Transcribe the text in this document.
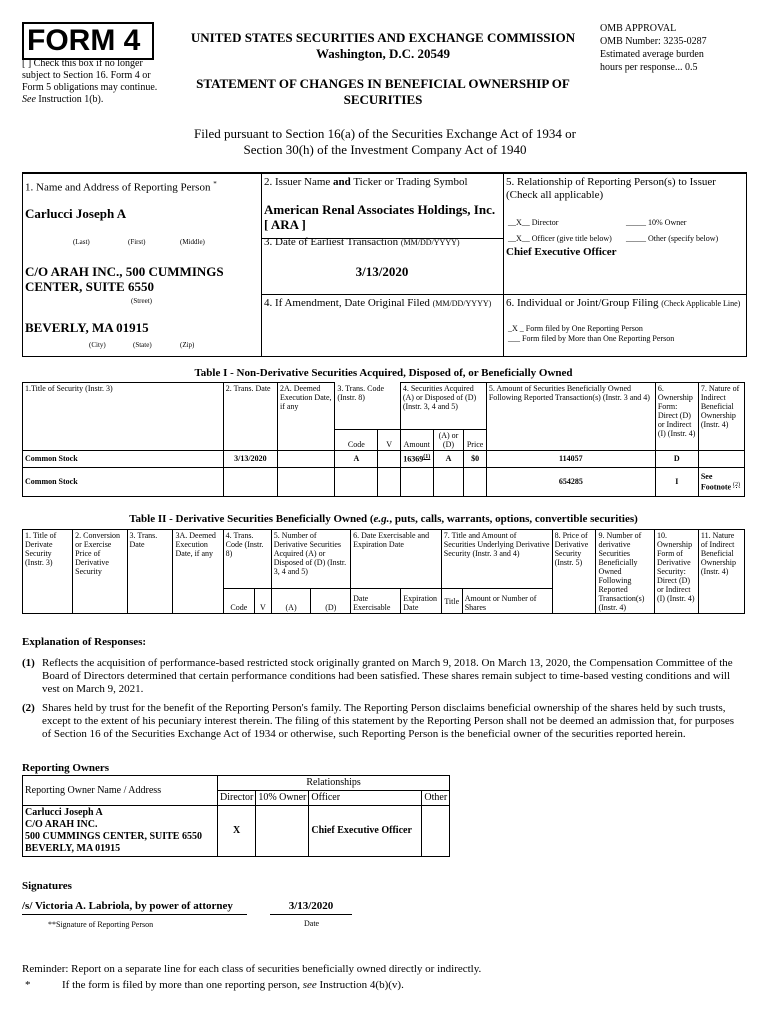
FORM 4
[ ] Check this box if no longer subject to Section 16. Form 4 or Form 5 obligations may continue. See Instruction 1(b).
UNITED STATES SECURITIES AND EXCHANGE COMMISSION
Washington, D.C. 20549
STATEMENT OF CHANGES IN BENEFICIAL OWNERSHIP OF
SECURITIES
OMB APPROVAL
OMB Number: 3235-0287
Estimated average burden
hours per response... 0.5
Filed pursuant to Section 16(a) of the Securities Exchange Act of 1934 or
Section 30(h) of the Investment Company Act of 1940
1. Name and Address of Reporting Person *
Carlucci Joseph A
(Last)	(First)	(Middle)
C/O ARAH INC., 500 CUMMINGS CENTER, SUITE 6550
(Street)
BEVERLY, MA 01915
(City)	(State)	(Zip)
2. Issuer Name and Ticker or Trading Symbol
American Renal Associates Holdings, Inc. [ ARA ]
3. Date of Earliest Transaction (MM/DD/YYYY)
3/13/2020
4. If Amendment, Date Original Filed (MM/DD/YYYY)
5. Relationship of Reporting Person(s) to Issuer
(Check all applicable)
__X__ Director	_____ 10% Owner
__X__ Officer (give title below) _____ Other (specify below)
Chief Executive Officer
6. Individual or Joint/Group Filing (Check Applicable Line)
_X _ Form filed by One Reporting Person
___ Form filed by More than One Reporting Person
Table I - Non-Derivative Securities Acquired, Disposed of, or Beneficially Owned
1.Title of Security (Instr. 3)	2. Trans. Date	2A. Deemed Execution Date, if any	3. Trans. Code (Instr. 8)		4. Securities Acquired (A) or Disposed of (D) (Instr. 3, 4 and 5)			5. Amount of Securities Beneficially Owned Following Reported Transaction(s) (Instr. 3 and 4)	6. Ownership Form: Direct (D) or Indirect (I) (Instr. 4)	7. Nature of Indirect Beneficial Ownership (Instr. 4)
			Code	V	Amount	(A) or (D)	Price			
Common Stock	3/13/2020		A		16369$^{(1)}$	A	$0	114057	D	
Common Stock								654285	I	See Footnote $^{(2)}$
Table II - Derivative Securities Beneficially Owned (e.g., puts, calls, warrants, options, convertible securities)
1. Title of Derivate Security (Instr. 3)	2. Conversion or Exercise Price of Derivative Security	3. Trans. Date	3A. Deemed Execution Date, if any	4. Trans. Code (Instr. 8)		5. Number of Derivative Securities Acquired (A) or Disposed of (D) (Instr. 3, 4 and 5)		6. Date Exercisable and Expiration Date		7. Title and Amount of Securities Underlying Derivative Security (Instr. 3 and 4)		8. Price of Derivative Security (Instr. 5)	9. Number of derivative Securities Beneficially Owned Following Reported Transaction(s) (Instr. 4)	10. Ownership Form of Derivative Security: Direct (D) or Indirect (I) (Instr. 4)	11. Nature of Indirect Beneficial Ownership (Instr. 4)
				Code	V	(A)	(D)	Date Exercisable	Expiration Date	Title	Amount or Number of Shares				
Explanation of Responses:
(1) Reflects the acquisition of performance-based restricted stock originally granted on March 9, 2018. On March 13, 2020, the Compensation Committee of the Board of Directors determined that certain performance conditions had been satisfied. These shares remain subject to time-based vesting conditions and will vest on March 9, 2021.
(2) Shares held by trust for the benefit of the Reporting Person's family. The Reporting Person disclaims beneficial ownership of the shares held by such trusts, except to the extent of his pecuniary interest therein. The filing of this statement by the Reporting Person shall not be deemed an admission that, for purposes of Section 16 of the Securities Exchange Act of 1934 or otherwise, such Reporting Person is the beneficial owner of the securities reported herein.
Reporting Owners
Reporting Owner Name / Address	Relationships			
	Director	10% Owner	Officer	Other

Carlucci Joseph A
C/O ARAH INC.
500 CUMMINGS CENTER, SUITE 6550
BEVERLY, MA 01915	X		Chief Executive Officer	
Signatures
/s/ Victoria A. Labriola, by power of attorney	3/13/2020
**Signature of Reporting Person	Date
Reminder: Report on a separate line for each class of securities beneficially owned directly or indirectly.
*	If the form is filed by more than one reporting person, see Instruction 4(b)(v).
